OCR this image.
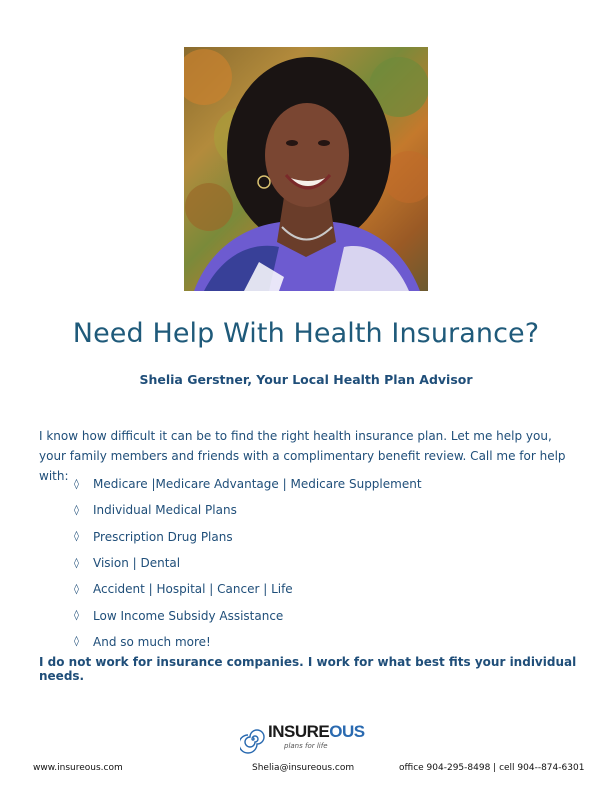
Need Help With Health Insurance?

Shelia Gerstner, Your Local Health Plan Advisor

I know how difficult it can be to find the right health insurance plan. Let me help you, your family members and friends with a complimentary benefit review. Call me for help with:

◊	Medicare |Medicare Advantage | Medicare Supplement
◊	Individual Medical Plans
◊	Prescription Drug Plans
◊	Vision | Dental
◊	Accident | Hospital | Cancer | Life
◊	Low Income Subsidy Assistance
◊	And so much more!

I do not work for insurance companies. I work for what best fits your individual needs.

INSUREOUS
plans for life
www.insureous.com	Shelia@insureous.com	office 904-295-8498 | cell 904--874-6301
